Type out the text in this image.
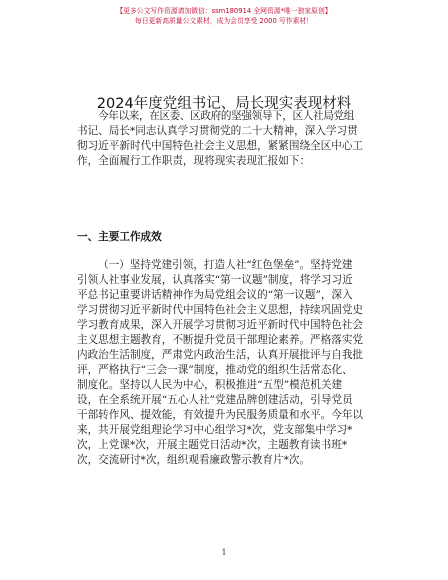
【更多公文写作资源请加微信：ssm180914 全网资源*唯一独家原创】
每日更新高质量公文素材，成为会员享受 2000 写作素材！
2024年度党组书记、局长现实表现材料
今年以来，在区委、区政府的坚强领导下，区人社局党组
书记、局长*同志认真学习贯彻党的二十大精神，深入学习贯
彻习近平新时代中国特色社会主义思想，紧紧围绕全区中心工
作，全面履行工作职责，现将现实表现汇报如下：
一、主要工作成效
（一）坚持党建引领，打造人社“红色堡垒”。坚持党建
引领人社事业发展，认真落实“第一议题”制度，将学习习近
平总书记重要讲话精神作为局党组会议的“第一议题”，深入
学习贯彻习近平新时代中国特色社会主义思想，持续巩固党史
学习教育成果，深入开展学习贯彻习近平新时代中国特色社会
主义思想主题教育，不断提升党员干部理论素养。严格落实党
内政治生活制度，严肃党内政治生活，认真开展批评与自我批
评，严格执行“三会一课”制度，推动党的组织生活常态化、
制度化。坚持以人民为中心，积极推进“五型”模范机关建
设，在全系统开展“五心人社”党建品牌创建活动，引导党员
干部转作风、提效能，有效提升为民服务质量和水平。今年以
来，共开展党组理论学习中心组学习*次，党支部集中学习*
次，上党课*次，开展主题党日活动*次，主题教育读书班*
次，交流研讨*次，组织观看廉政警示教育片*次。
1
